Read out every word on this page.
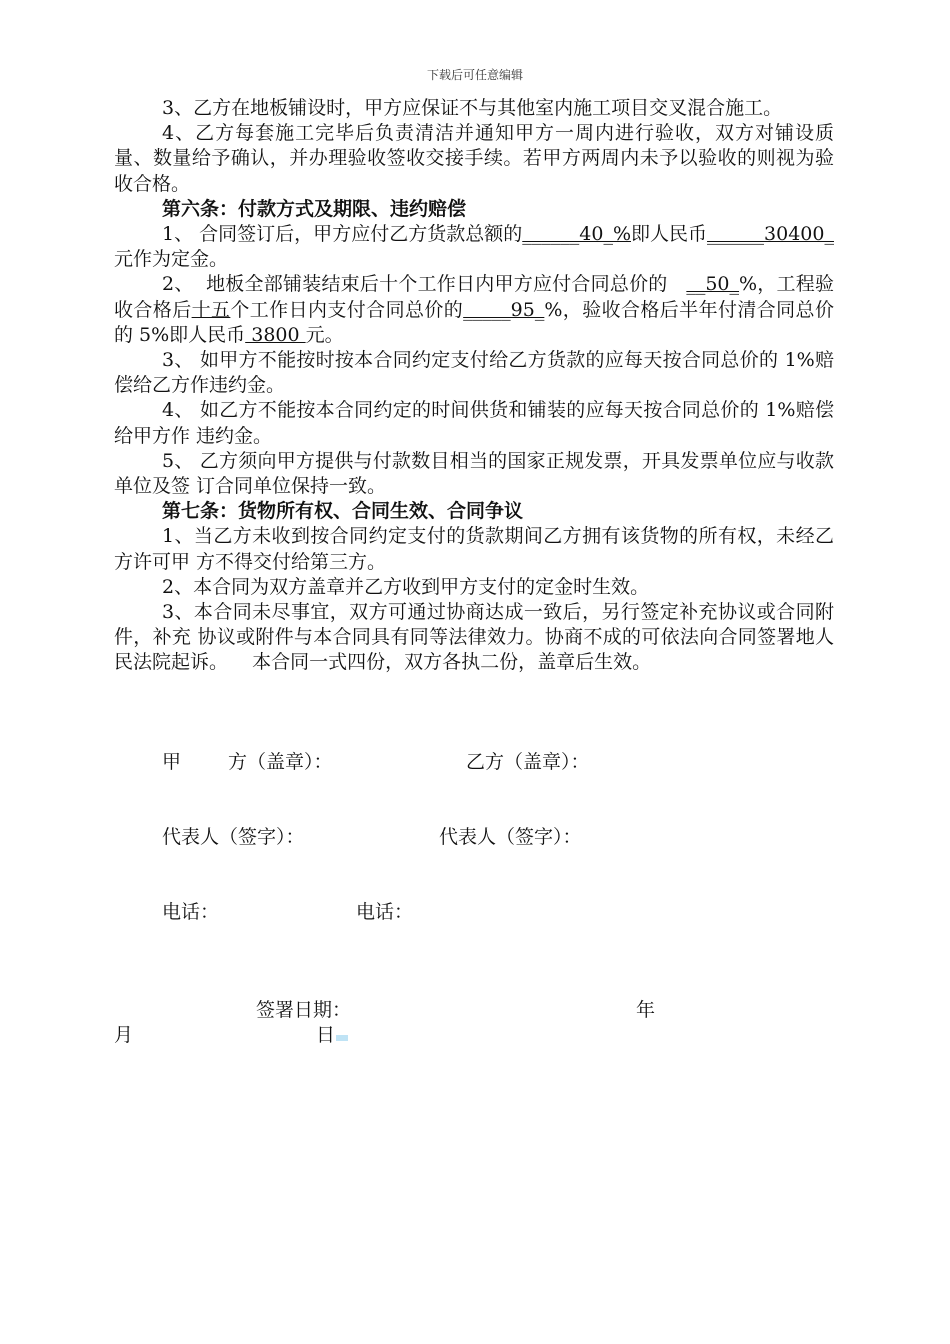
下载后可任意编辑

3、乙方在地板铺设时，甲方应保证不与其他室内施工项目交叉混合施工。

4、乙方每套施工完毕后负责清洁并通知甲方一周内进行验收，双方对铺设质量、数量给予确认，并办理验收签收交接手续。若甲方两周内未予以验收的则视为验收合格。

第六条：付款方式及期限、违约赔偿

1、 合同签订后，甲方应付乙方货款总额的______40_%即人民币______30400_元作为定金。

2、  地板全部铺装结束后十个工作日内甲方应付合同总价的   __50_%，工程验收合格后十五个工作日内支付合同总价的_____95_%，验收合格后半年付清合同总价的 5%即人民币 3800 元。

3、 如甲方不能按时按本合同约定支付给乙方货款的应每天按合同总价的 1%赔偿给乙方作违约金。

4、 如乙方不能按本合同约定的时间供货和铺装的应每天按合同总价的 1%赔偿给甲方作 违约金。

5、 乙方须向甲方提供与付款数目相当的国家正规发票，开具发票单位应与收款单位及签 订合同单位保持一致。

第七条：货物所有权、合同生效、合同争议

1、当乙方未收到按合同约定支付的货款期间乙方拥有该货物的所有权，未经乙方许可甲 方不得交付给第三方。

2、本合同为双方盖章并乙方收到甲方支付的定金时生效。

3、本合同未尽事宜，双方可通过协商达成一致后，另行签定补充协议或合同附件，补充 协议或附件与本合同具有同等法律效力。协商不成的可依法向合同签署地人民法院起诉。    本合同一式四份，双方各执二份，盖章后生效。

甲 方（盖章）：	乙方（盖章）：
代表人（签字）：	代表人（签字）：
电话：	电话：
签署日期：	年
月	日
